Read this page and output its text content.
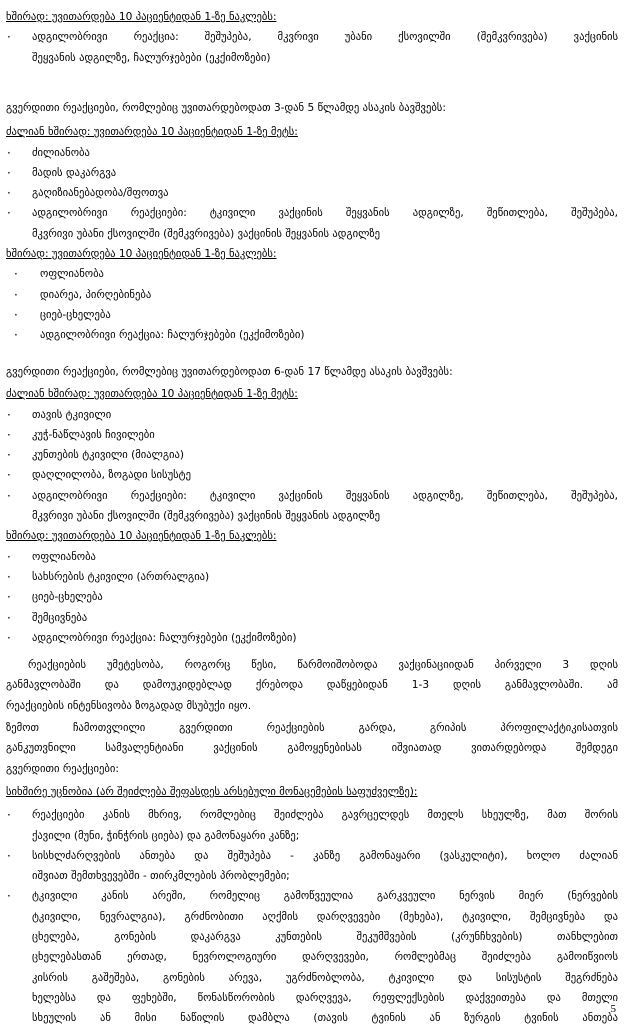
ხშირად: უვითარდება 10 პაციენტიდან 1-ზე ნაკლებს:
· ადგილობრივი რეაქცია: შეშუპება, მკვრივი უბანი ქსოვილში (შემკვრივება) ვაქცინის
შეყვანის ადგილზე, ჩალურჯებები (ეკქიმოზები)
გვერდითი რეაქციები, რომლებიც უვითარდებოდათ 3-დან 5 წლამდე ასაკის ბავშვებს:
ძალიან ხშირად: უვითარდება 10 პაციენტიდან 1-ზე მეტს:
· ძილიანობა
· მადის დაკარგვა
· გაღიზიანებადობა/შფოთვა
· ადგილობრივი რეაქციები: ტკივილი ვაქცინის შეყვანის ადგილზე, შეწითლება, შეშუპება,
მკვრივი უბანი ქსოვილში (შემკვრივება) ვაქცინის შეყვანის ადგილზე
ხშირად: უვითარდება 10 პაციენტიდან 1-ზე ნაკლებს:
· ოფლიანობა
· დიარეა, პირღებინება
· ციებ-ცხელება
· ადგილობრივი რეაქცია: ჩალურჯებები (ეკქიმოზები)
გვერდითი რეაქციები, რომლებიც უვითარდებოდათ 6-დან 17 წლამდე ასაკის ბავშვებს:
ძალიან ხშირად: უვითარდება 10 პაციენტიდან 1-ზე მეტს:
· თავის ტკივილი
· კუჭ-ნაწლავის ჩივილები
· კუნთების ტკივილი (მიალგია)
· დაღლილობა, ზოგადი სისუსტე
· ადგილობრივი რეაქციები: ტკივილი ვაქცინის შეყვანის ადგილზე, შეწითლება, შეშუპება,
მკვრივი უბანი ქსოვილში (შემკვრივება) ვაქცინის შეყვანის ადგილზე
ხშირად: უვითარდება 10 პაციენტიდან 1-ზე ნაკლებს:
· ოფლიანობა
· სახსრების ტკივილი (ართრალგია)
· ციებ-ცხელება
· შემცივნება
· ადგილობრივი რეაქცია: ჩალურჯებები (ეკქიმოზები)
რეაქციების უმეტესობა, როგორც წესი, წარმოიშობოდა ვაქცინაციიდან პირველი 3 დღის
განმავლობაში და დამოუკიდებლად ქრებოდა დაწყებიდან 1-3 დღის განმავლობაში. ამ
რეაქციების ინტენსივობა ზოგადად მსუბუქი იყო.
ზემოთ ჩამოთვლილი გვერდითი რეაქციების გარდა, გრიპის პროფილაქტიკისათვის
განკუთვნილი სამვალენტიანი ვაქცინის გამოყენებისას იშვიათად ვითარდებოდა შემდეგი
გვერდითი რეაქციები:
სიხშირე უცნობია (არ შეიძლება შეფასდეს არსებული მონაცემების საფუძველზე):
· რეაქციები კანის მხრივ, რომლებიც შეიძლება გავრცელდეს მთელს სხეულზე, მათ შორის
ქავილი (მუნი, ჭინჭრის ციება) და გამონაყარი კანზე;
· სისხლძარღვების ანთება და შეშუპება - კანზე გამონაყარი (ვასკულიტი), ხოლო ძალიან
იშვიათ შემთხვევებში - თირკმლების პრობლემები;
· ტკივილი კანის არეში, რომელიც გამოწვეულია გარკვეული ნერვის მიერ (ნერვების
ტკივილი, ნევრალგია), გრძნობითი აღქმის დარღვევები (მეხება), ტკივილი, შემცივნება და
ცხელება, გონების დაკარგვა კუნთების შეკუმშვების (კრუნჩხვების) თანხლებით
ცხელებასთან ერთად, ნევროლოგიური დარღვევები, რომლებმაც შეიძლება გამოიწვიოს
კისრის გაშეშება, გონების არევა, უგრძნობლობა, ტკივილი და სისუსტის შეგრძნება
ხელებსა და ფეხებში, წონასწორობის დარღვევა, რეფლექსების დაქვეითება და მთელი
სხეულის ან მისი ნაწილის დამბლა (თავის ტვინის ან ზურგის ტვინის ანთება
5
